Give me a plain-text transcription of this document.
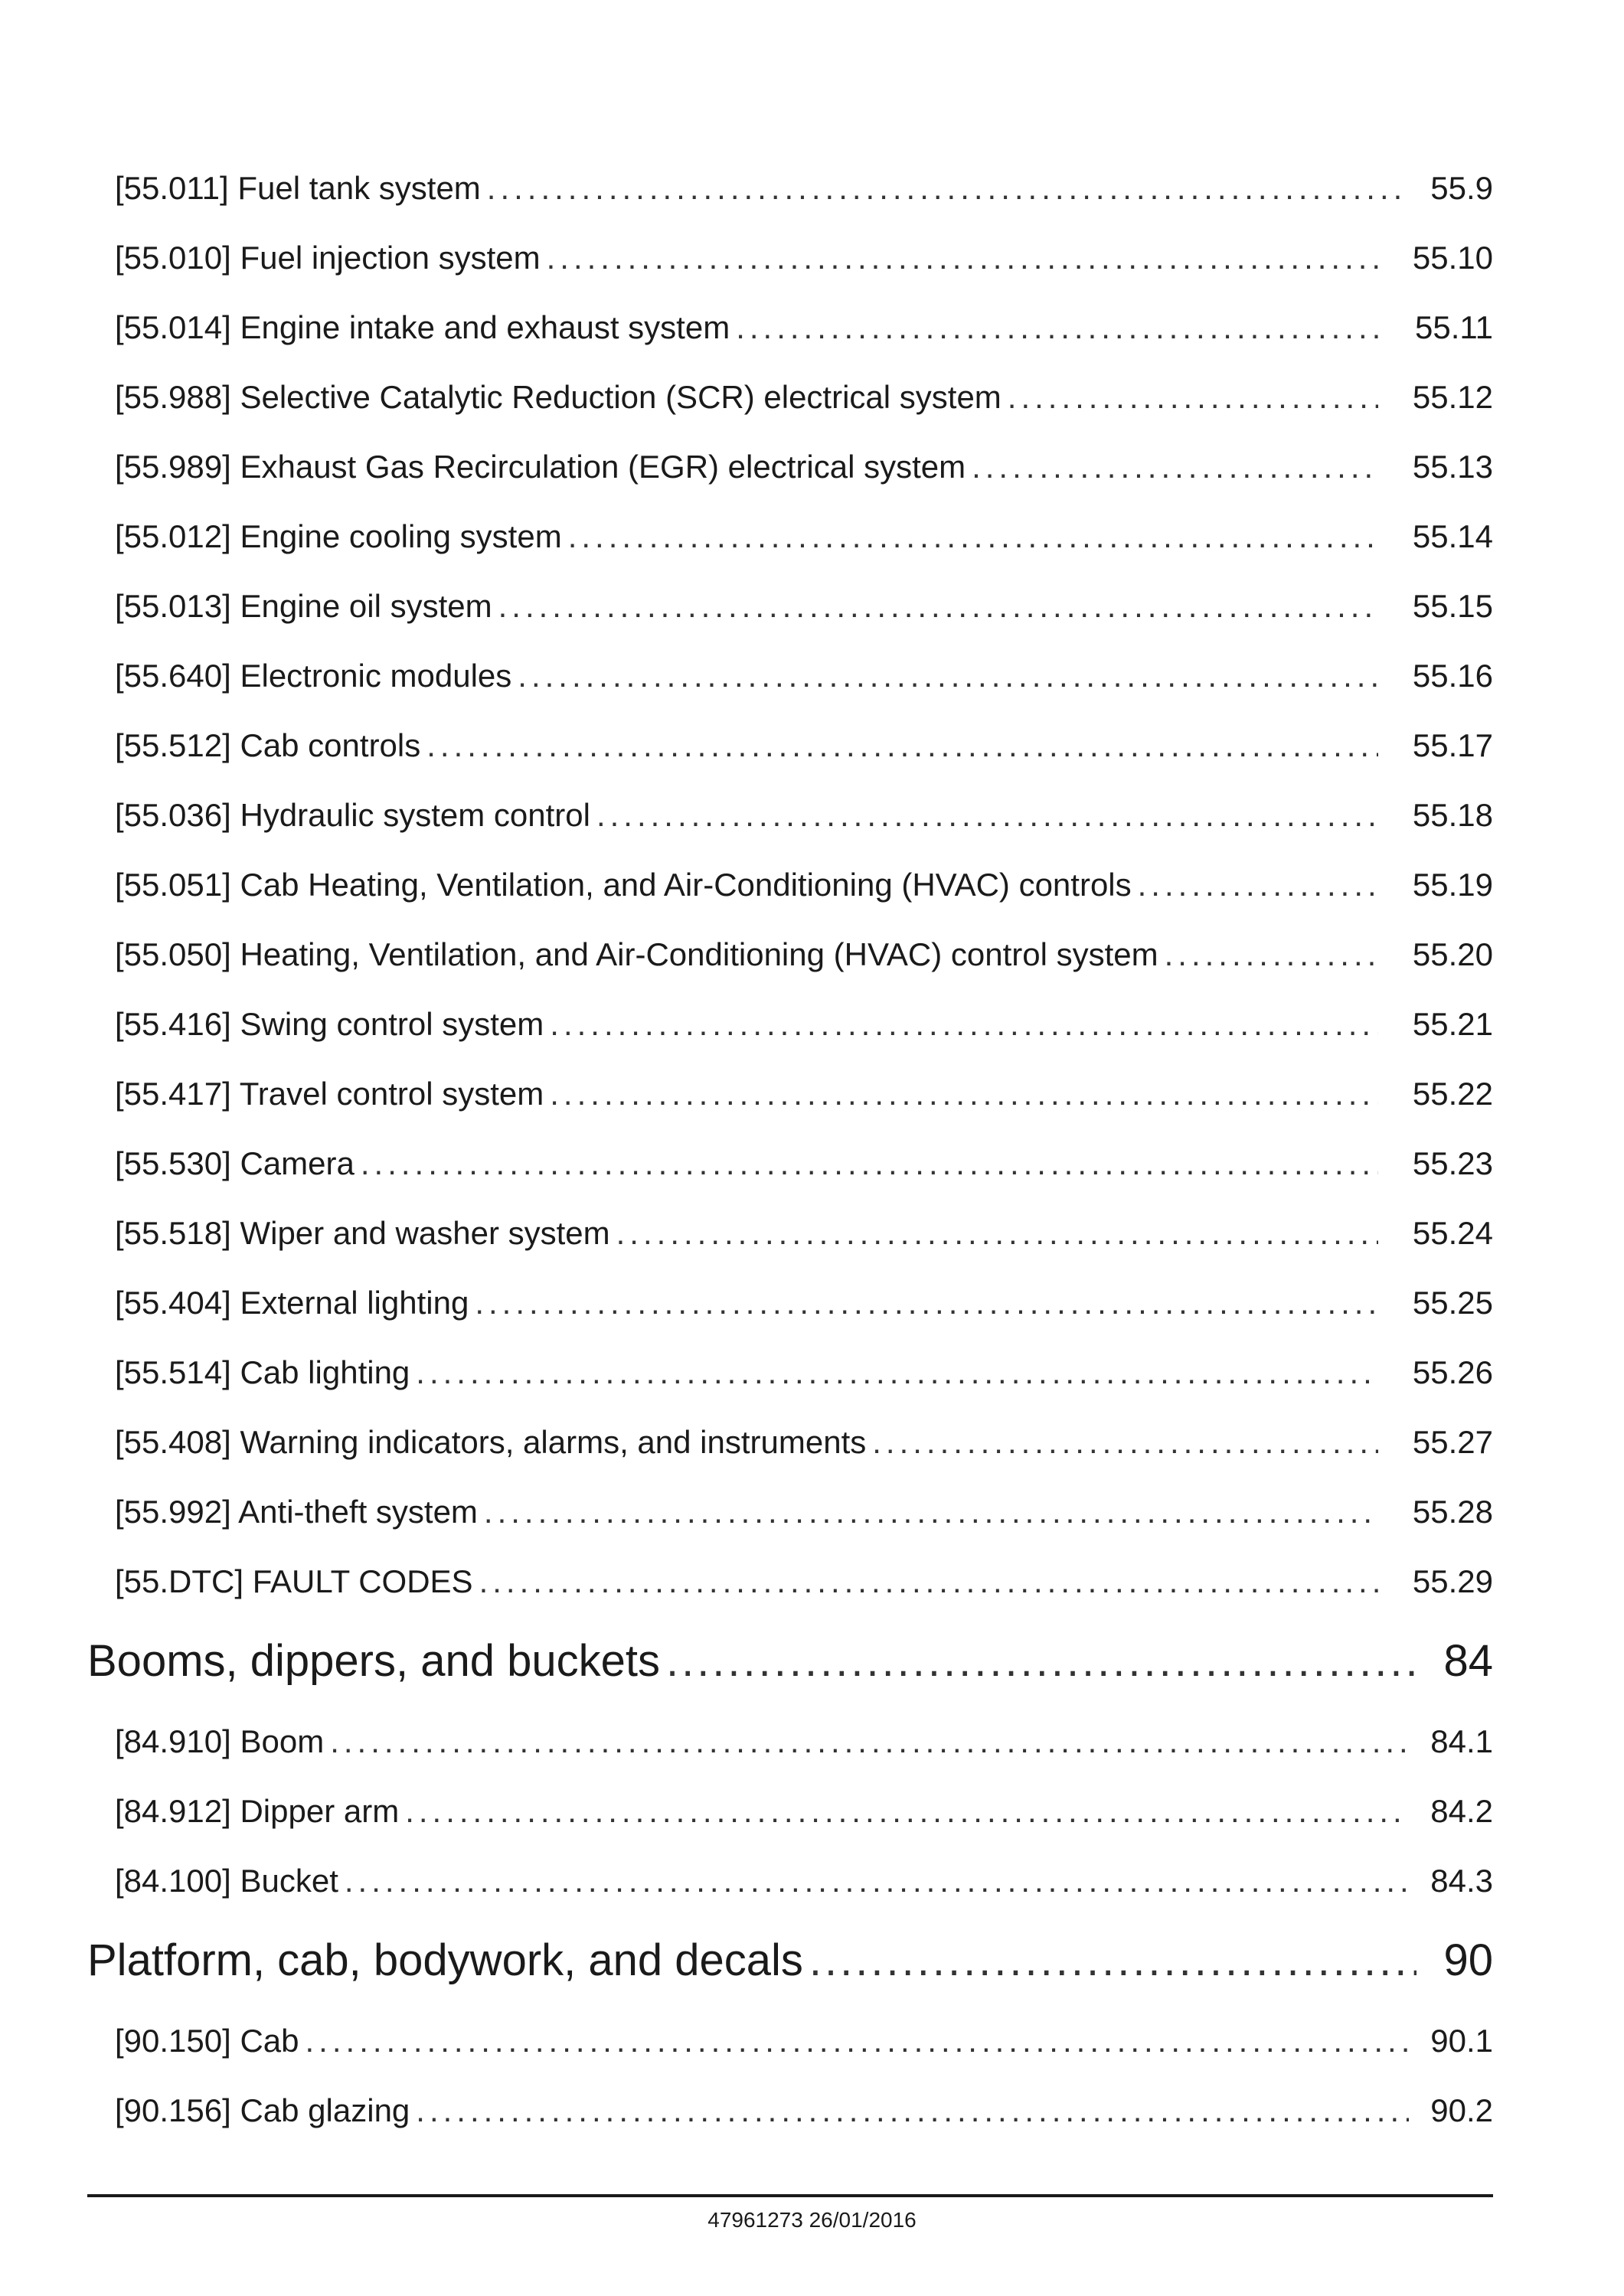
[55.011] Fuel tank system .....	55.9
[55.010] Fuel injection system .....	55.10
[55.014] Engine intake and exhaust system .....	55.11
[55.988] Selective Catalytic Reduction (SCR) electrical system .....	55.12
[55.989] Exhaust Gas Recirculation (EGR) electrical system .....	55.13
[55.012] Engine cooling system .....	55.14
[55.013] Engine oil system .....	55.15
[55.640] Electronic modules .....	55.16
[55.512] Cab controls .....	55.17
[55.036] Hydraulic system control .....	55.18
[55.051] Cab Heating, Ventilation, and Air-Conditioning (HVAC) controls .....	55.19
[55.050] Heating, Ventilation, and Air-Conditioning (HVAC) control system .....	55.20
[55.416] Swing control system .....	55.21
[55.417] Travel control system .....	55.22
[55.530] Camera .....	55.23
[55.518] Wiper and washer system .....	55.24
[55.404] External lighting .....	55.25
[55.514] Cab lighting .....	55.26
[55.408] Warning indicators, alarms, and instruments .....	55.27
[55.992] Anti-theft system .....	55.28
[55.DTC] FAULT CODES .....	55.29
Booms, dippers, and buckets .....	84
[84.910] Boom .....	84.1
[84.912] Dipper arm .....	84.2
[84.100] Bucket .....	84.3
Platform, cab, bodywork, and decals .....	90
[90.150] Cab .....	90.1
[90.156] Cab glazing .....	90.2
47961273 26/01/2016
